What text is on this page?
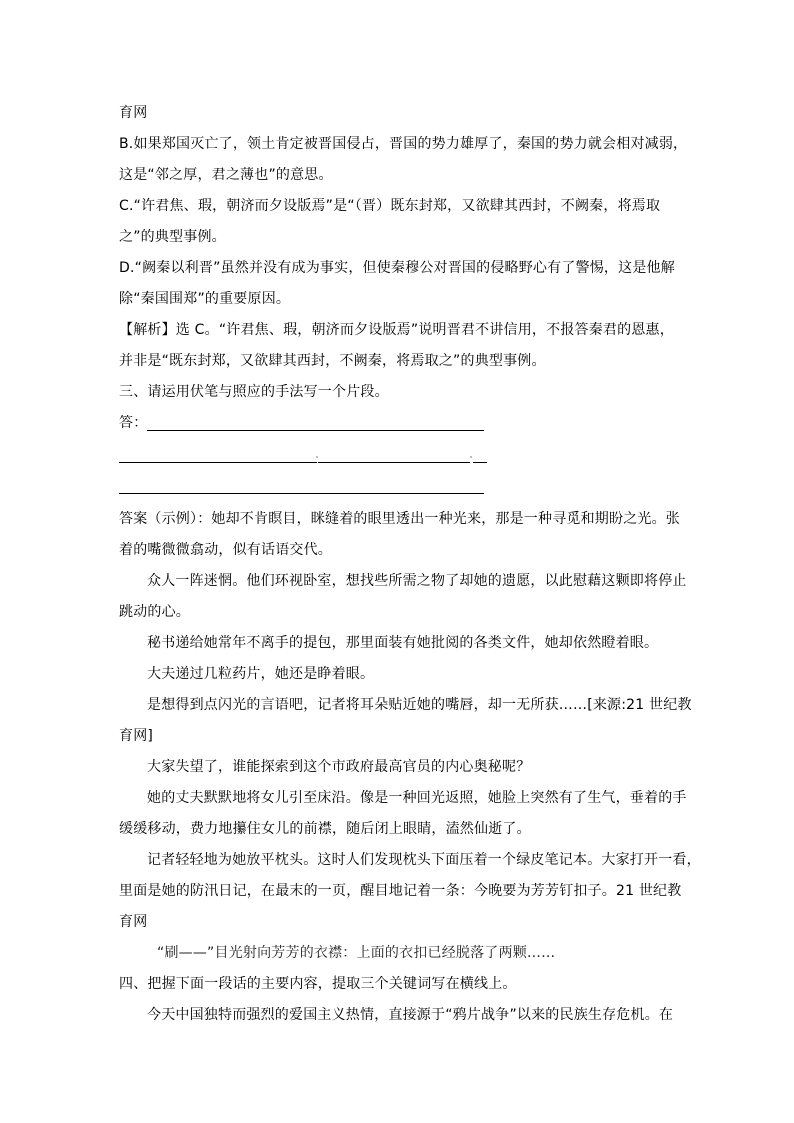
育网
B.如果郑国灭亡了，领土肯定被晋国侵占，晋国的势力雄厚了，秦国的势力就会相对减弱，
这是“邻之厚，君之薄也”的意思。
C.“许君焦、瑕，朝济而夕设版焉”是“（晋）既东封郑，又欲肆其西封，不阙秦，将焉取
之”的典型事例。
D.“阙秦以利晋”虽然并没有成为事实，但使秦穆公对晋国的侵略野心有了警惕，这是他解
除“秦国围郑”的重要原因。
【解析】选 C。“许君焦、瑕，朝济而夕设版焉”说明晋君不讲信用，不报答秦君的恩惠，
并非是“既东封郑，又欲肆其西封，不阙秦，将焉取之”的典型事例。
三、请运用伏笔与照应的手法写一个片段。
答：
答案（示例）：她却不肯瞑目，眯缝着的眼里透出一种光来，那是一种寻觅和期盼之光。张
着的嘴微微翕动，似有话语交代。
众人一阵迷惘。他们环视卧室，想找些所需之物了却她的遗愿，以此慰藉这颗即将停止
跳动的心。
秘书递给她常年不离手的提包，那里面装有她批阅的各类文件，她却依然瞪着眼。
大夫递过几粒药片，她还是睁着眼。
是想得到点闪光的言语吧，记者将耳朵贴近她的嘴唇，却一无所获……[来源:21 世纪教
育网]
大家失望了，谁能探索到这个市政府最高官员的内心奥秘呢？
她的丈夫默默地将女儿引至床沿。像是一种回光返照，她脸上突然有了生气，垂着的手
缓缓移动，费力地攥住女儿的前襟，随后闭上眼睛，溘然仙逝了。
记者轻轻地为她放平枕头。这时人们发现枕头下面压着一个绿皮笔记本。大家打开一看，
里面是她的防汛日记，在最末的一页，醒目地记着一条：今晚要为芳芳钉扣子。21 世纪教
育网
“刷——”目光射向芳芳的衣襟：上面的衣扣已经脱落了两颗……
四、把握下面一段话的主要内容，提取三个关键词写在横线上。
今天中国独特而强烈的爱国主义热情，直接源于“鸦片战争”以来的民族生存危机。在
